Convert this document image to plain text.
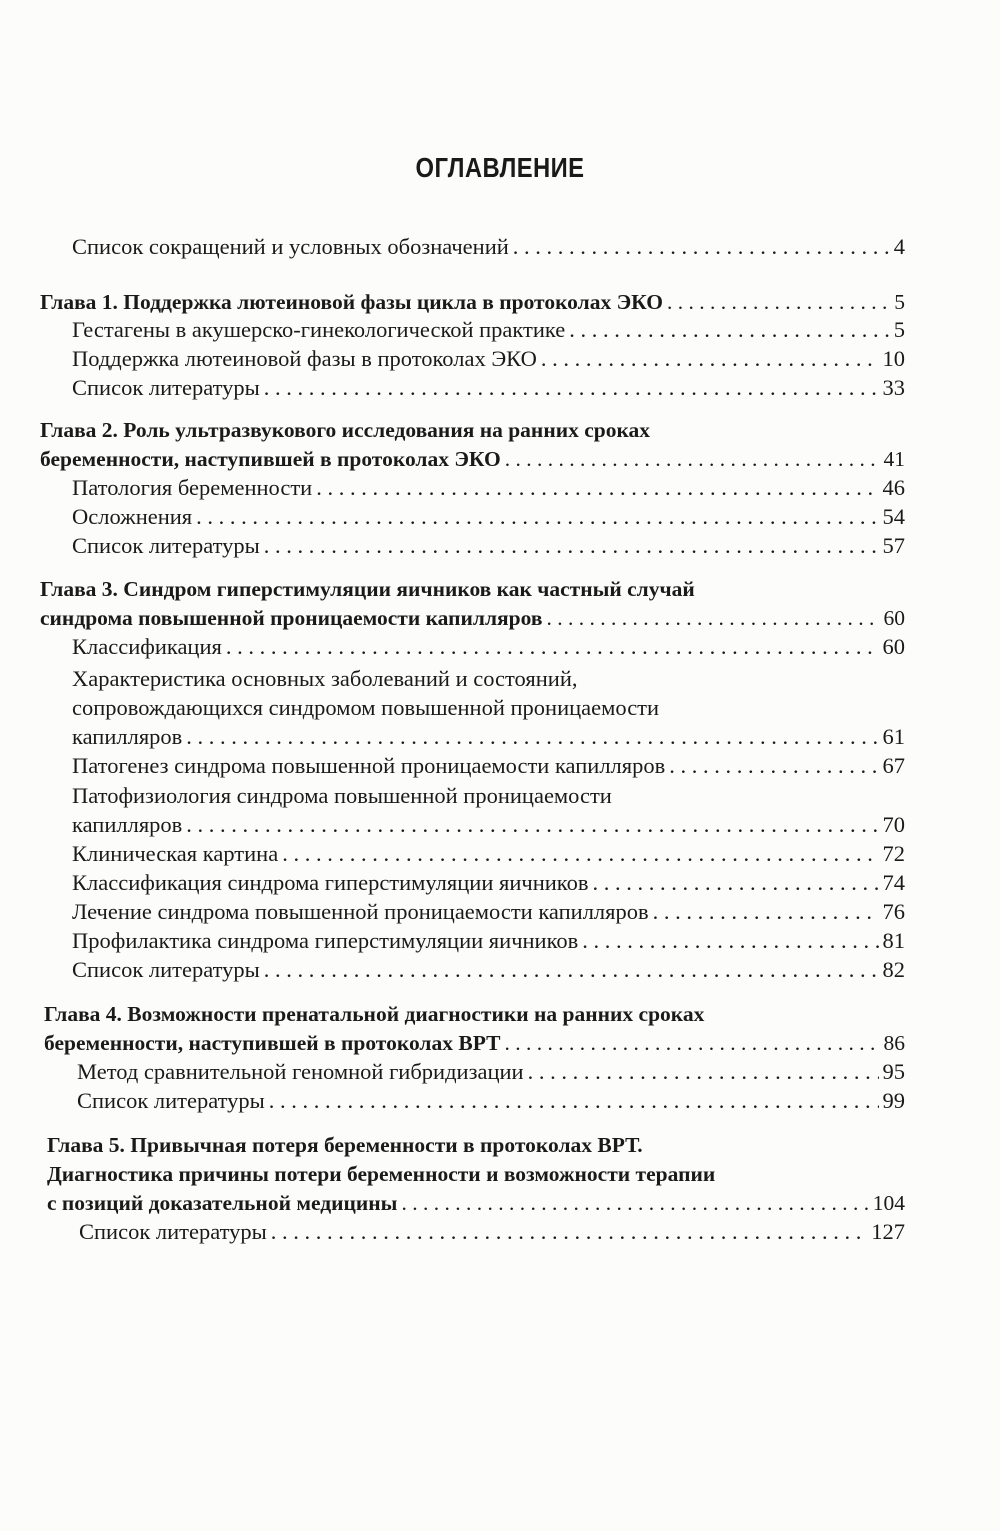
ОГЛАВЛЕНИЕ
Список сокращений и условных обозначений . . .	4
Глава 1. Поддержка лютеиновой фазы цикла в протоколах ЭКО . . .	5
Гестагены в акушерско-гинекологической практике . . .	5
Поддержка лютеиновой фазы в протоколах ЭКО . . .	10
Список литературы . . .	33
Глава 2. Роль ультразвукового исследования на ранних сроках
беременности, наступившей в протоколах ЭКО . . .	41
Патология беременности . . .	46
Осложнения . . .	54
Список литературы . . .	57
Глава 3. Синдром гиперстимуляции яичников как частный случай
синдрома повышенной проницаемости капилляров . . .	60
Классификация . . .	60
Характеристика основных заболеваний и состояний,
сопровождающихся синдромом повышенной проницаемости
капилляров . . .	61
Патогенез синдрома повышенной проницаемости капилляров . . .	67
Патофизиология синдрома повышенной проницаемости
капилляров . . .	70
Клиническая картина . . .	72
Классификация синдрома гиперстимуляции яичников . . .	74
Лечение синдрома повышенной проницаемости капилляров . . .	76
Профилактика синдрома гиперстимуляции яичников . . .	81
Список литературы . . .	82
Глава 4. Возможности пренатальной диагностики на ранних сроках
беременности, наступившей в протоколах ВРТ . . .	86
Метод сравнительной геномной гибридизации . . .	95
Список литературы . . .	99
Глава 5. Привычная потеря беременности в протоколах ВРТ.
Диагностика причины потери беременности и возможности терапии
с позиций доказательной медицины . . .	104
Список литературы . . .	127
